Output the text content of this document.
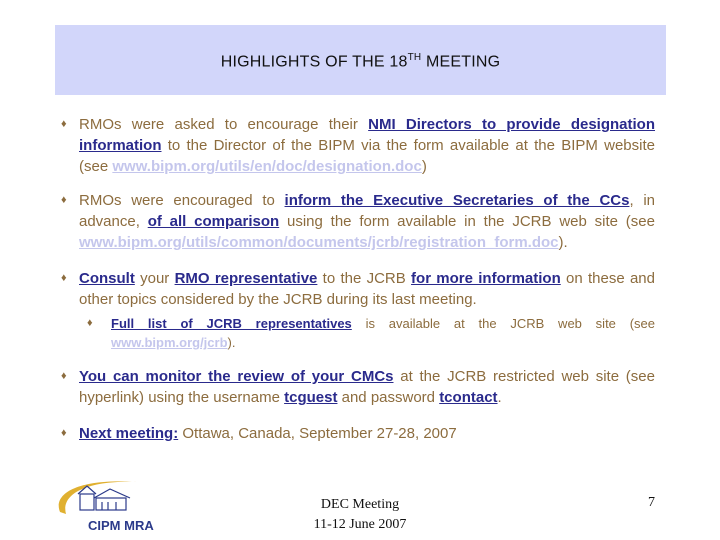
HIGHLIGHTS OF THE 18TH MEETING
♦ RMOs were asked to encourage their NMI Directors to provide designation information to the Director of the BIPM via the form available at the BIPM website (see www.bipm.org/utils/en/doc/designation.doc)
♦ RMOs were encouraged to inform the Executive Secretaries of the CCs, in advance, of all comparison using the form available in the JCRB web site (see www.bipm.org/utils/common/documents/jcrb/registration_form.doc).
♦ Consult your RMO representative to the JCRB for more information on these and other topics considered by the JCRB during its last meeting.
♦ Full list of JCRB representatives is available at the JCRB web site (see www.bipm.org/jcrb).
♦ You can monitor the review of your CMCs at the JCRB restricted web site (see hyperlink) using the username tcguest and password tcontact.
♦ Next meeting: Ottawa, Canada, September 27-28, 2007
CIPM MRA
DEC Meeting
11-12 June 2007
7
